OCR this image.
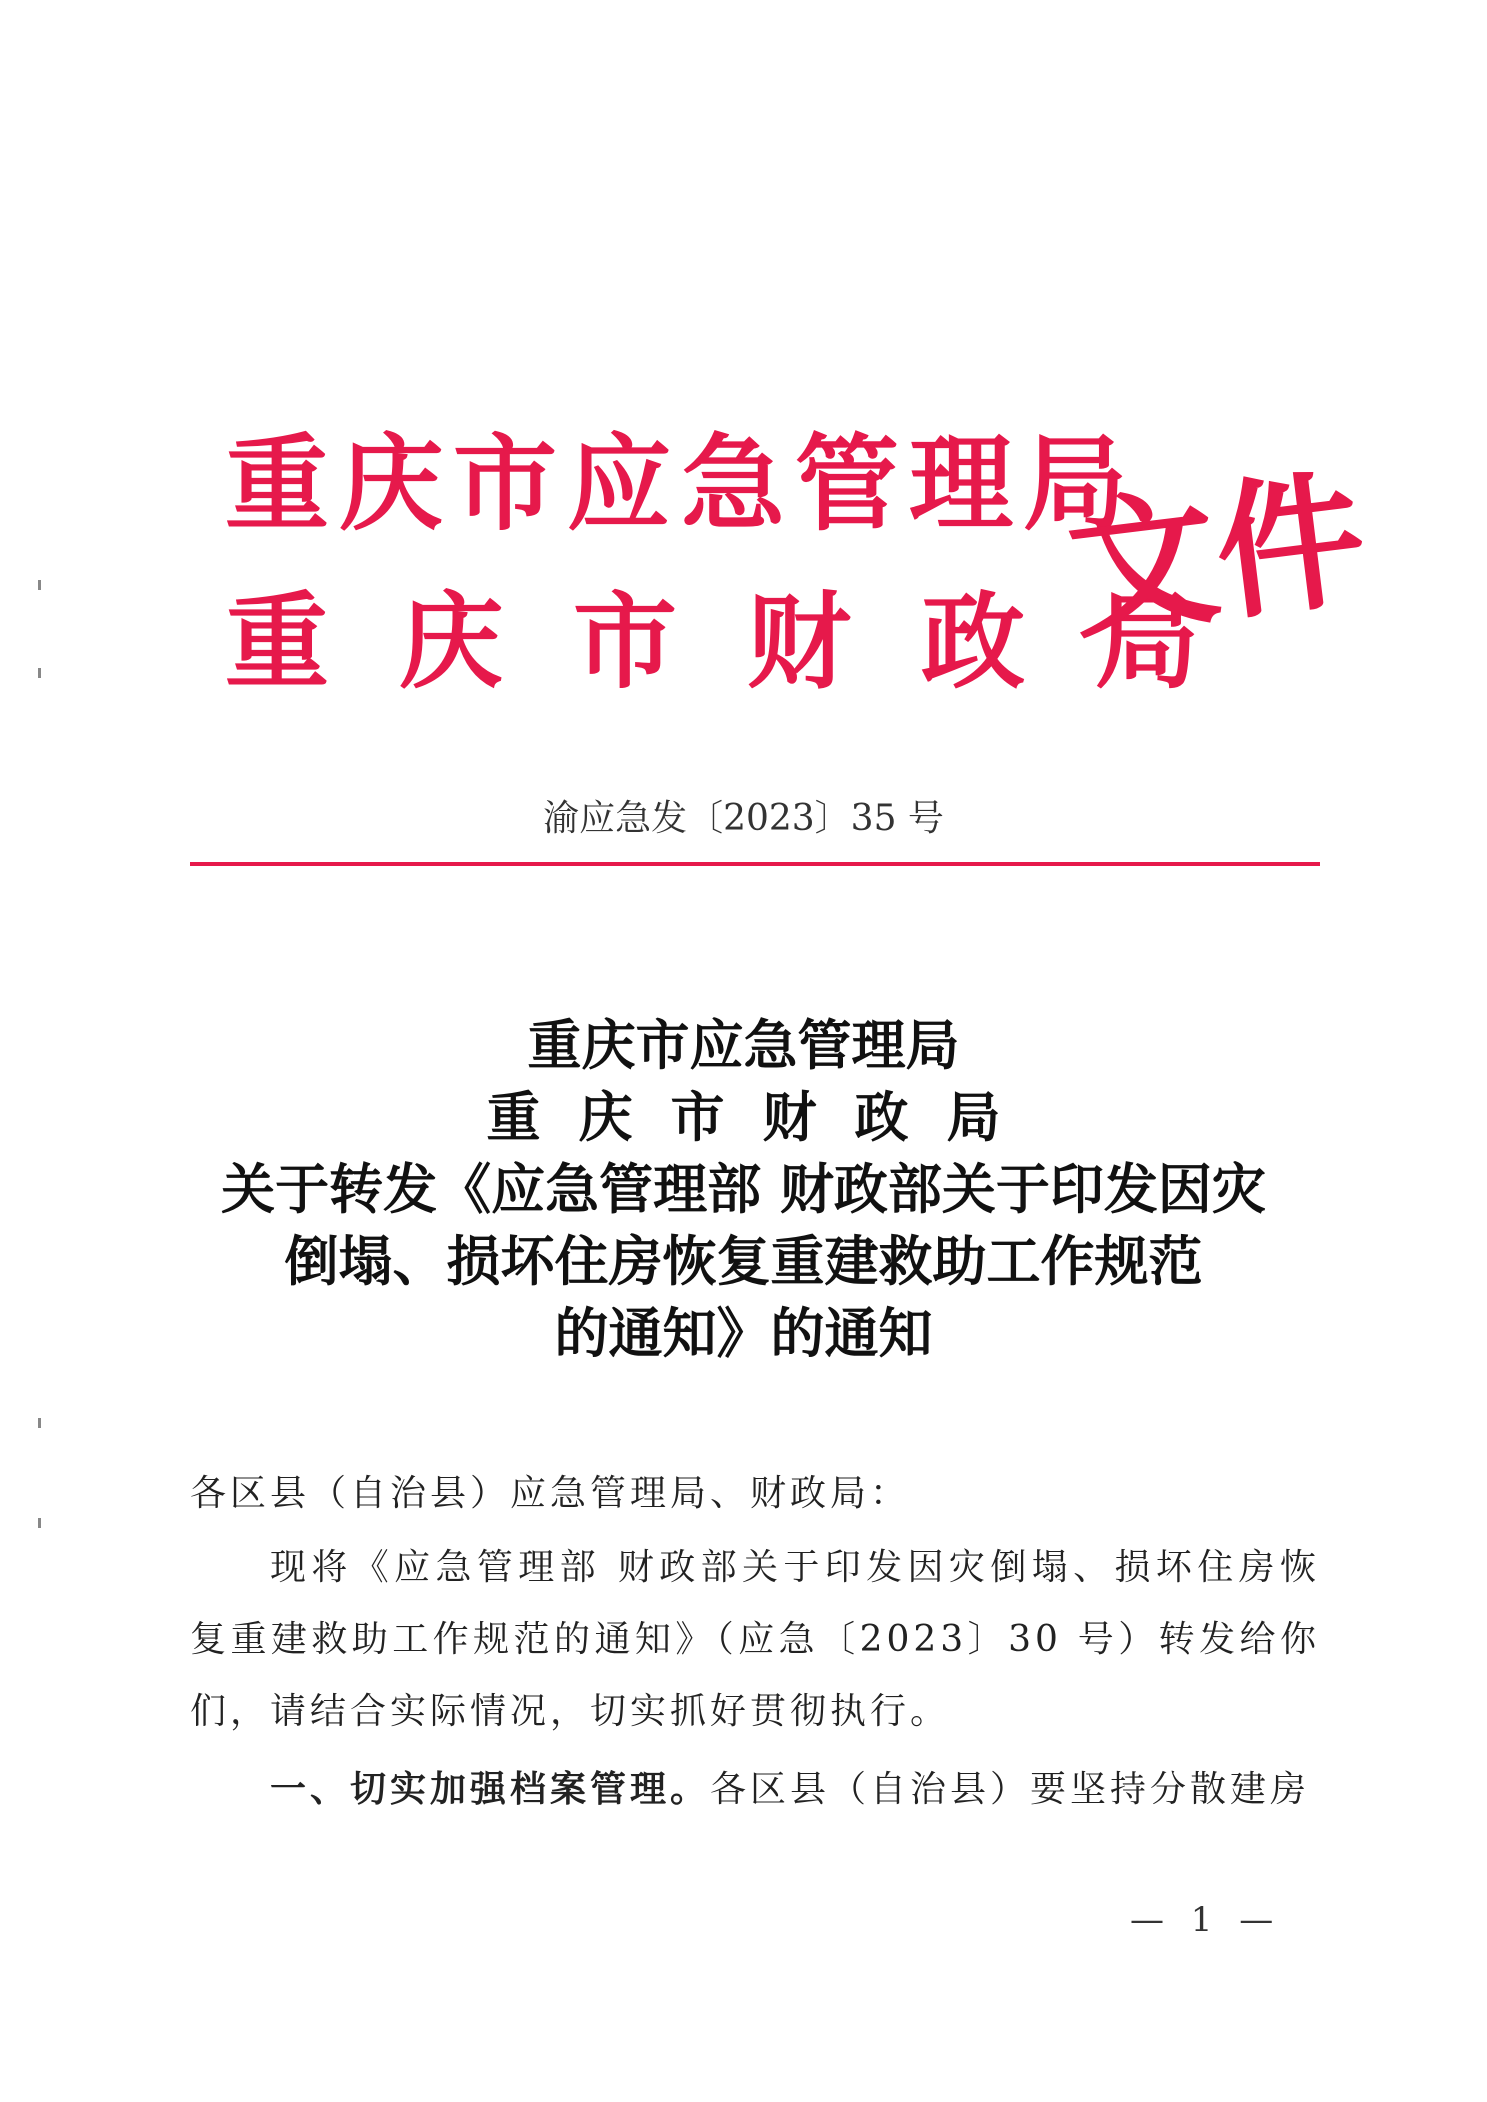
重庆市应急管理局
重庆市财政局
文件
渝应急发〔2023〕35 号
重庆市应急管理局
重庆市财政局
关于转发《应急管理部 财政部关于印发因灾
倒塌、损坏住房恢复重建救助工作规范
的通知》的通知
各区县（自治县）应急管理局、财政局：
现将《应急管理部 财政部关于印发因灾倒塌、损坏住房恢复重建救助工作规范的通知》（应急〔2023〕30 号）转发给你们，请结合实际情况，切实抓好贯彻执行。
一、切实加强档案管理。各区县（自治县）要坚持分散建房
— 1 —
